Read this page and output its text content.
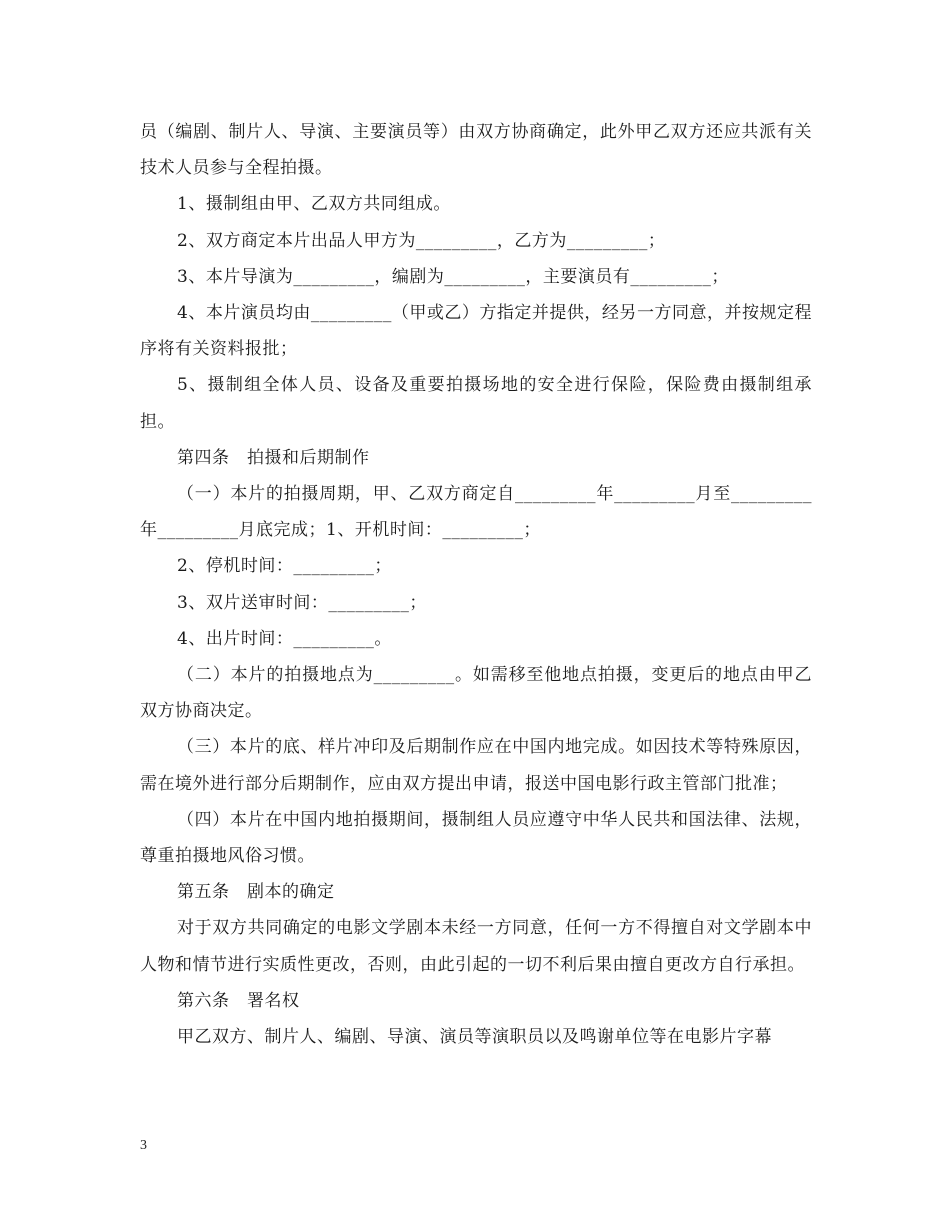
员（编剧、制片人、导演、主要演员等）由双方协商确定，此外甲乙双方还应共派有关技术人员参与全程拍摄。

1、摄制组由甲、乙双方共同组成。

2、双方商定本片出品人甲方为_________，乙方为_________；

3、本片导演为_________，编剧为_________，主要演员有_________；

4、本片演员均由_________（甲或乙）方指定并提供，经另一方同意，并按规定程序将有关资料报批；

5、摄制组全体人员、设备及重要拍摄场地的安全进行保险，保险费由摄制组承担。

第四条　拍摄和后期制作

（一）本片的拍摄周期，甲、乙双方商定自_________年_________月至_________年_________月底完成；1、开机时间：_________；

2、停机时间：_________；

3、双片送审时间：_________；

4、出片时间：_________。

（二）本片的拍摄地点为_________。如需移至他地点拍摄，变更后的地点由甲乙双方协商决定。

（三）本片的底、样片冲印及后期制作应在中国内地完成。如因技术等特殊原因，需在境外进行部分后期制作，应由双方提出申请，报送中国电影行政主管部门批准；

（四）本片在中国内地拍摄期间，摄制组人员应遵守中华人民共和国法律、法规，尊重拍摄地风俗习惯。

第五条　剧本的确定

对于双方共同确定的电影文学剧本未经一方同意，任何一方不得擅自对文学剧本中人物和情节进行实质性更改，否则，由此引起的一切不利后果由擅自更改方自行承担。

第六条　署名权

甲乙双方、制片人、编剧、导演、演员等演职员以及鸣谢单位等在电影片字幕

3
